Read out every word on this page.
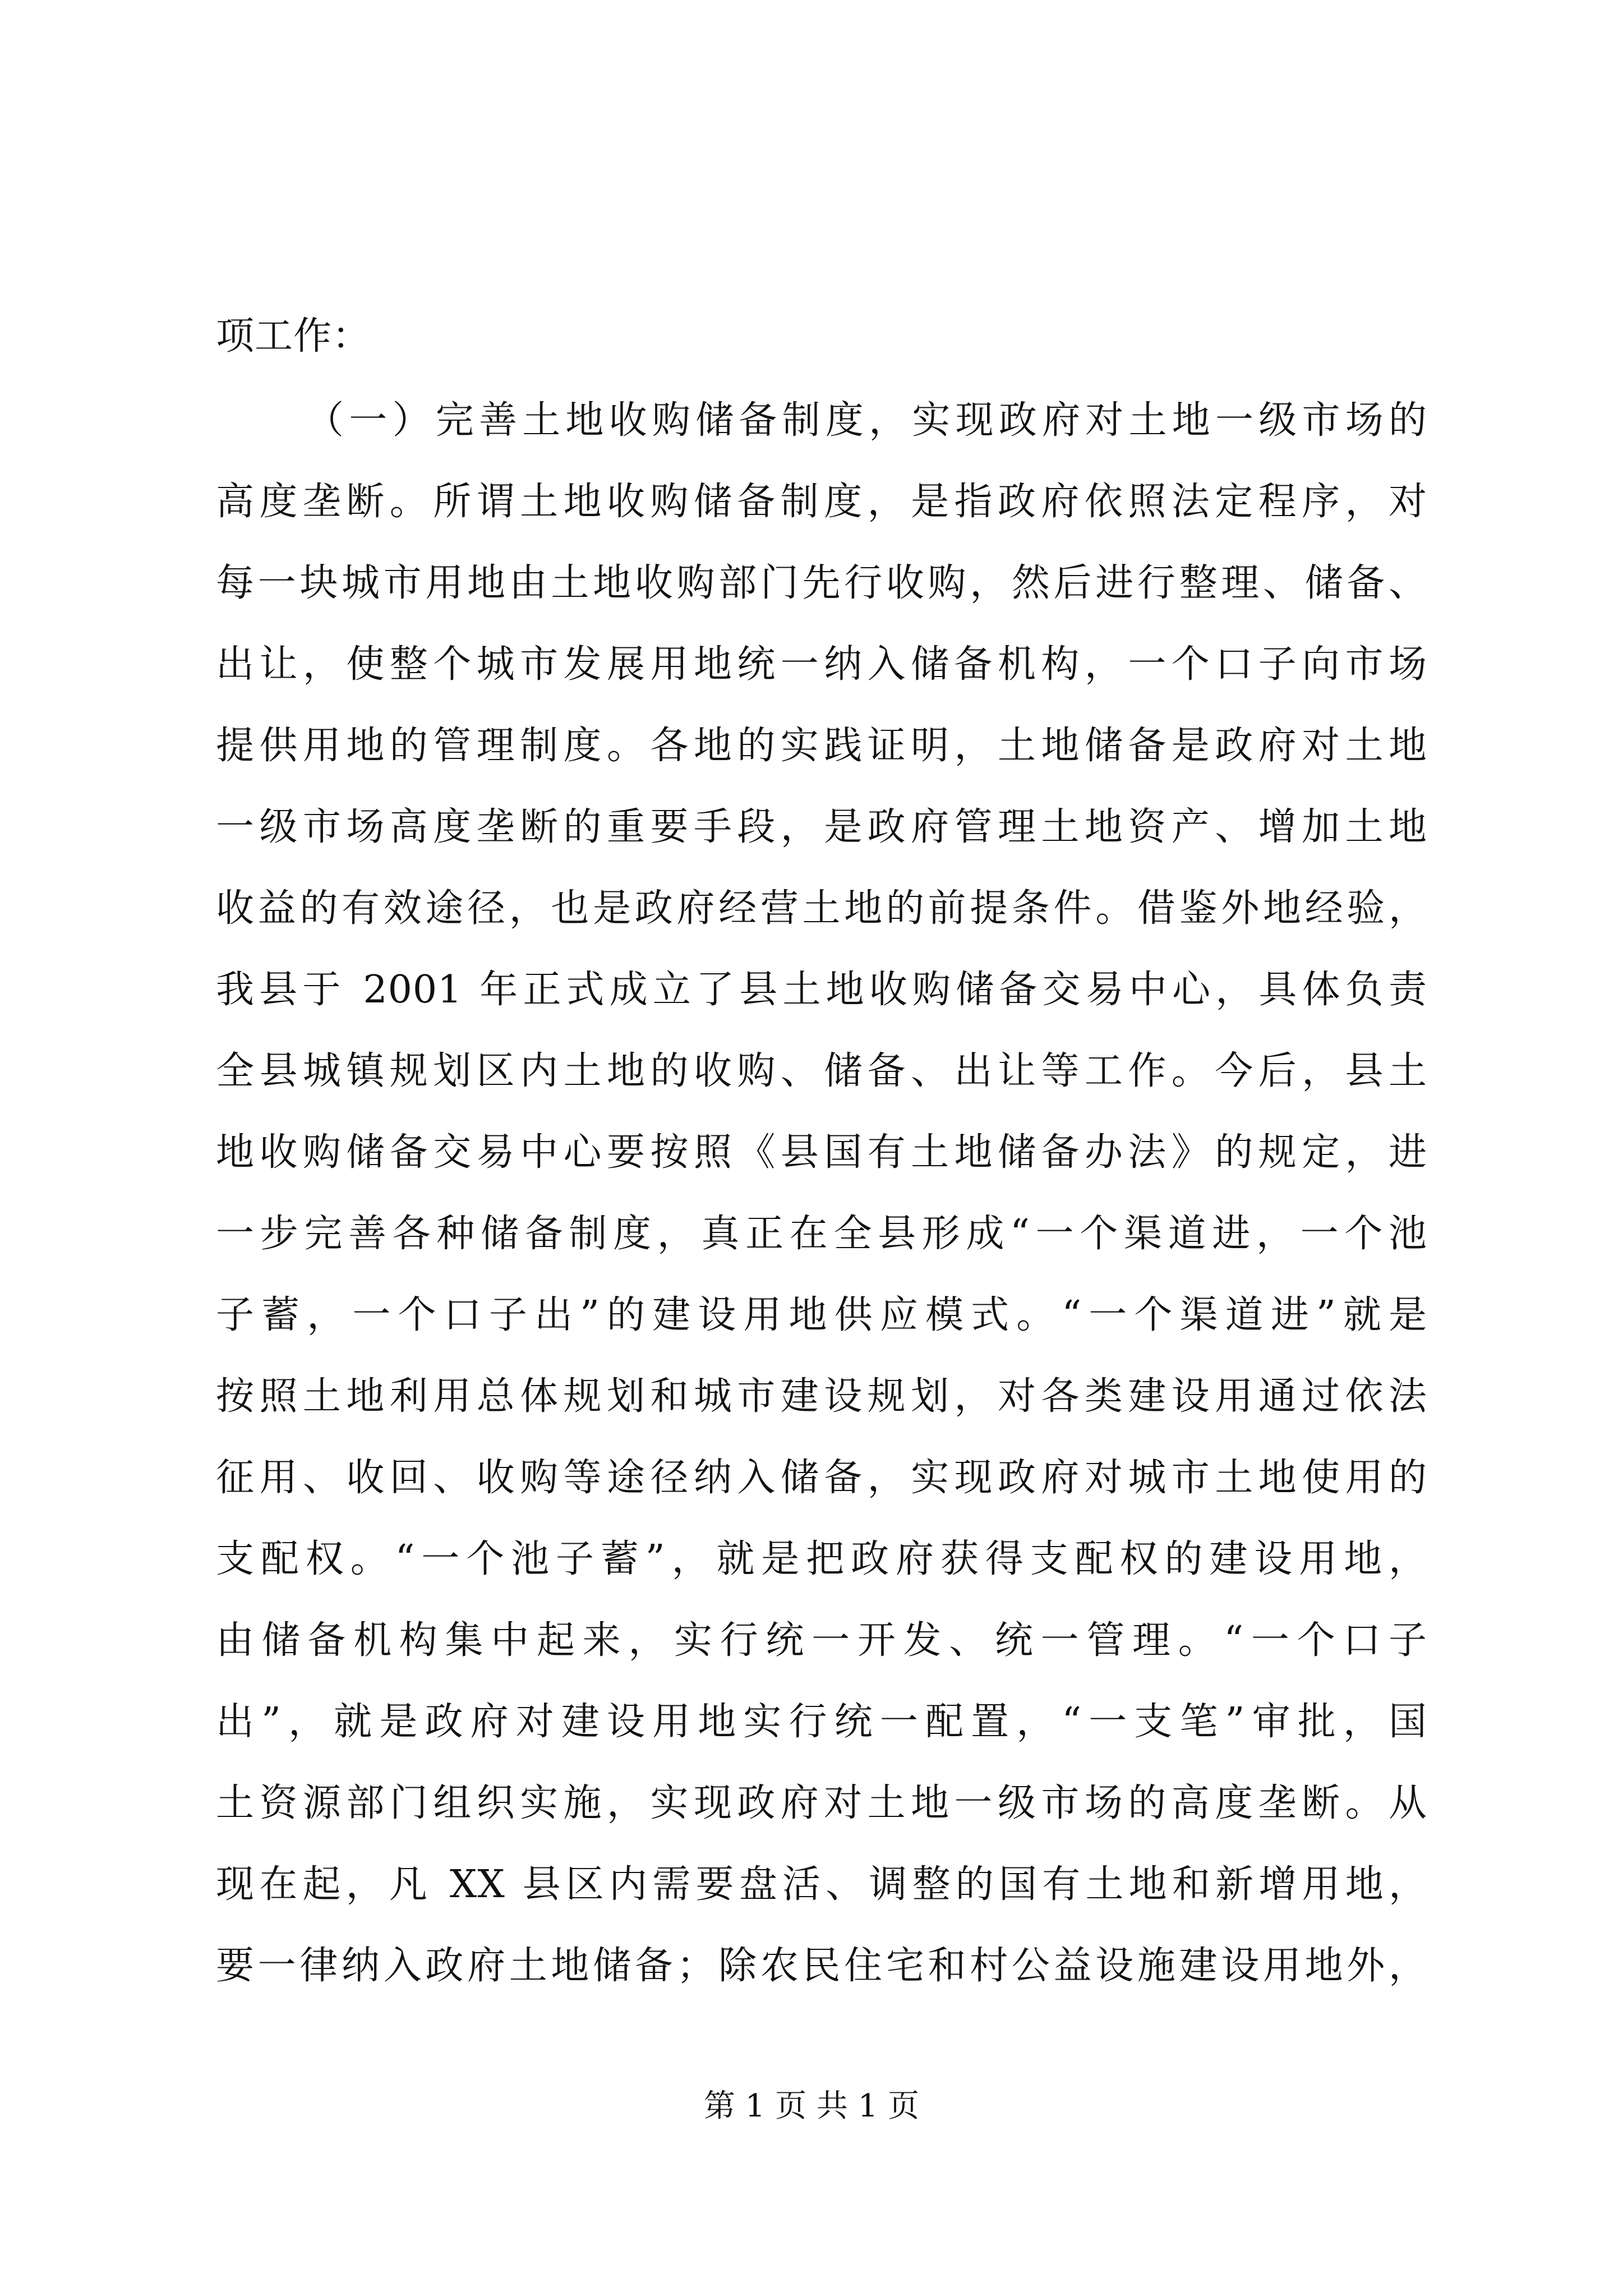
项工作：
（一）完善土地收购储备制度，实现政府对土地一级市场的
高度垄断。所谓土地收购储备制度，是指政府依照法定程序，对
每一块城市用地由土地收购部门先行收购，然后进行整理、储备、
出让，使整个城市发展用地统一纳入储备机构，一个口子向市场
提供用地的管理制度。各地的实践证明，土地储备是政府对土地
一级市场高度垄断的重要手段，是政府管理土地资产、增加土地
收益的有效途径，也是政府经营土地的前提条件。借鉴外地经验，
我县于 2001 年正式成立了县土地收购储备交易中心，具体负责
全县城镇规划区内土地的收购、储备、出让等工作。今后，县土
地收购储备交易中心要按照《县国有土地储备办法》的规定，进
一步完善各种储备制度，真正在全县形成“一个渠道进，一个池
子蓄，一个口子出”的建设用地供应模式。“一个渠道进”就是
按照土地利用总体规划和城市建设规划，对各类建设用通过依法
征用、收回、收购等途径纳入储备，实现政府对城市土地使用的
支配权。“一个池子蓄”，就是把政府获得支配权的建设用地，
由储备机构集中起来，实行统一开发、统一管理。“一个口子
出”，就是政府对建设用地实行统一配置，“一支笔”审批，国
土资源部门组织实施，实现政府对土地一级市场的高度垄断。从
现在起，凡 XX 县区内需要盘活、调整的国有土地和新增用地，
要一律纳入政府土地储备；除农民住宅和村公益设施建设用地外，
第 1 页 共 1 页
